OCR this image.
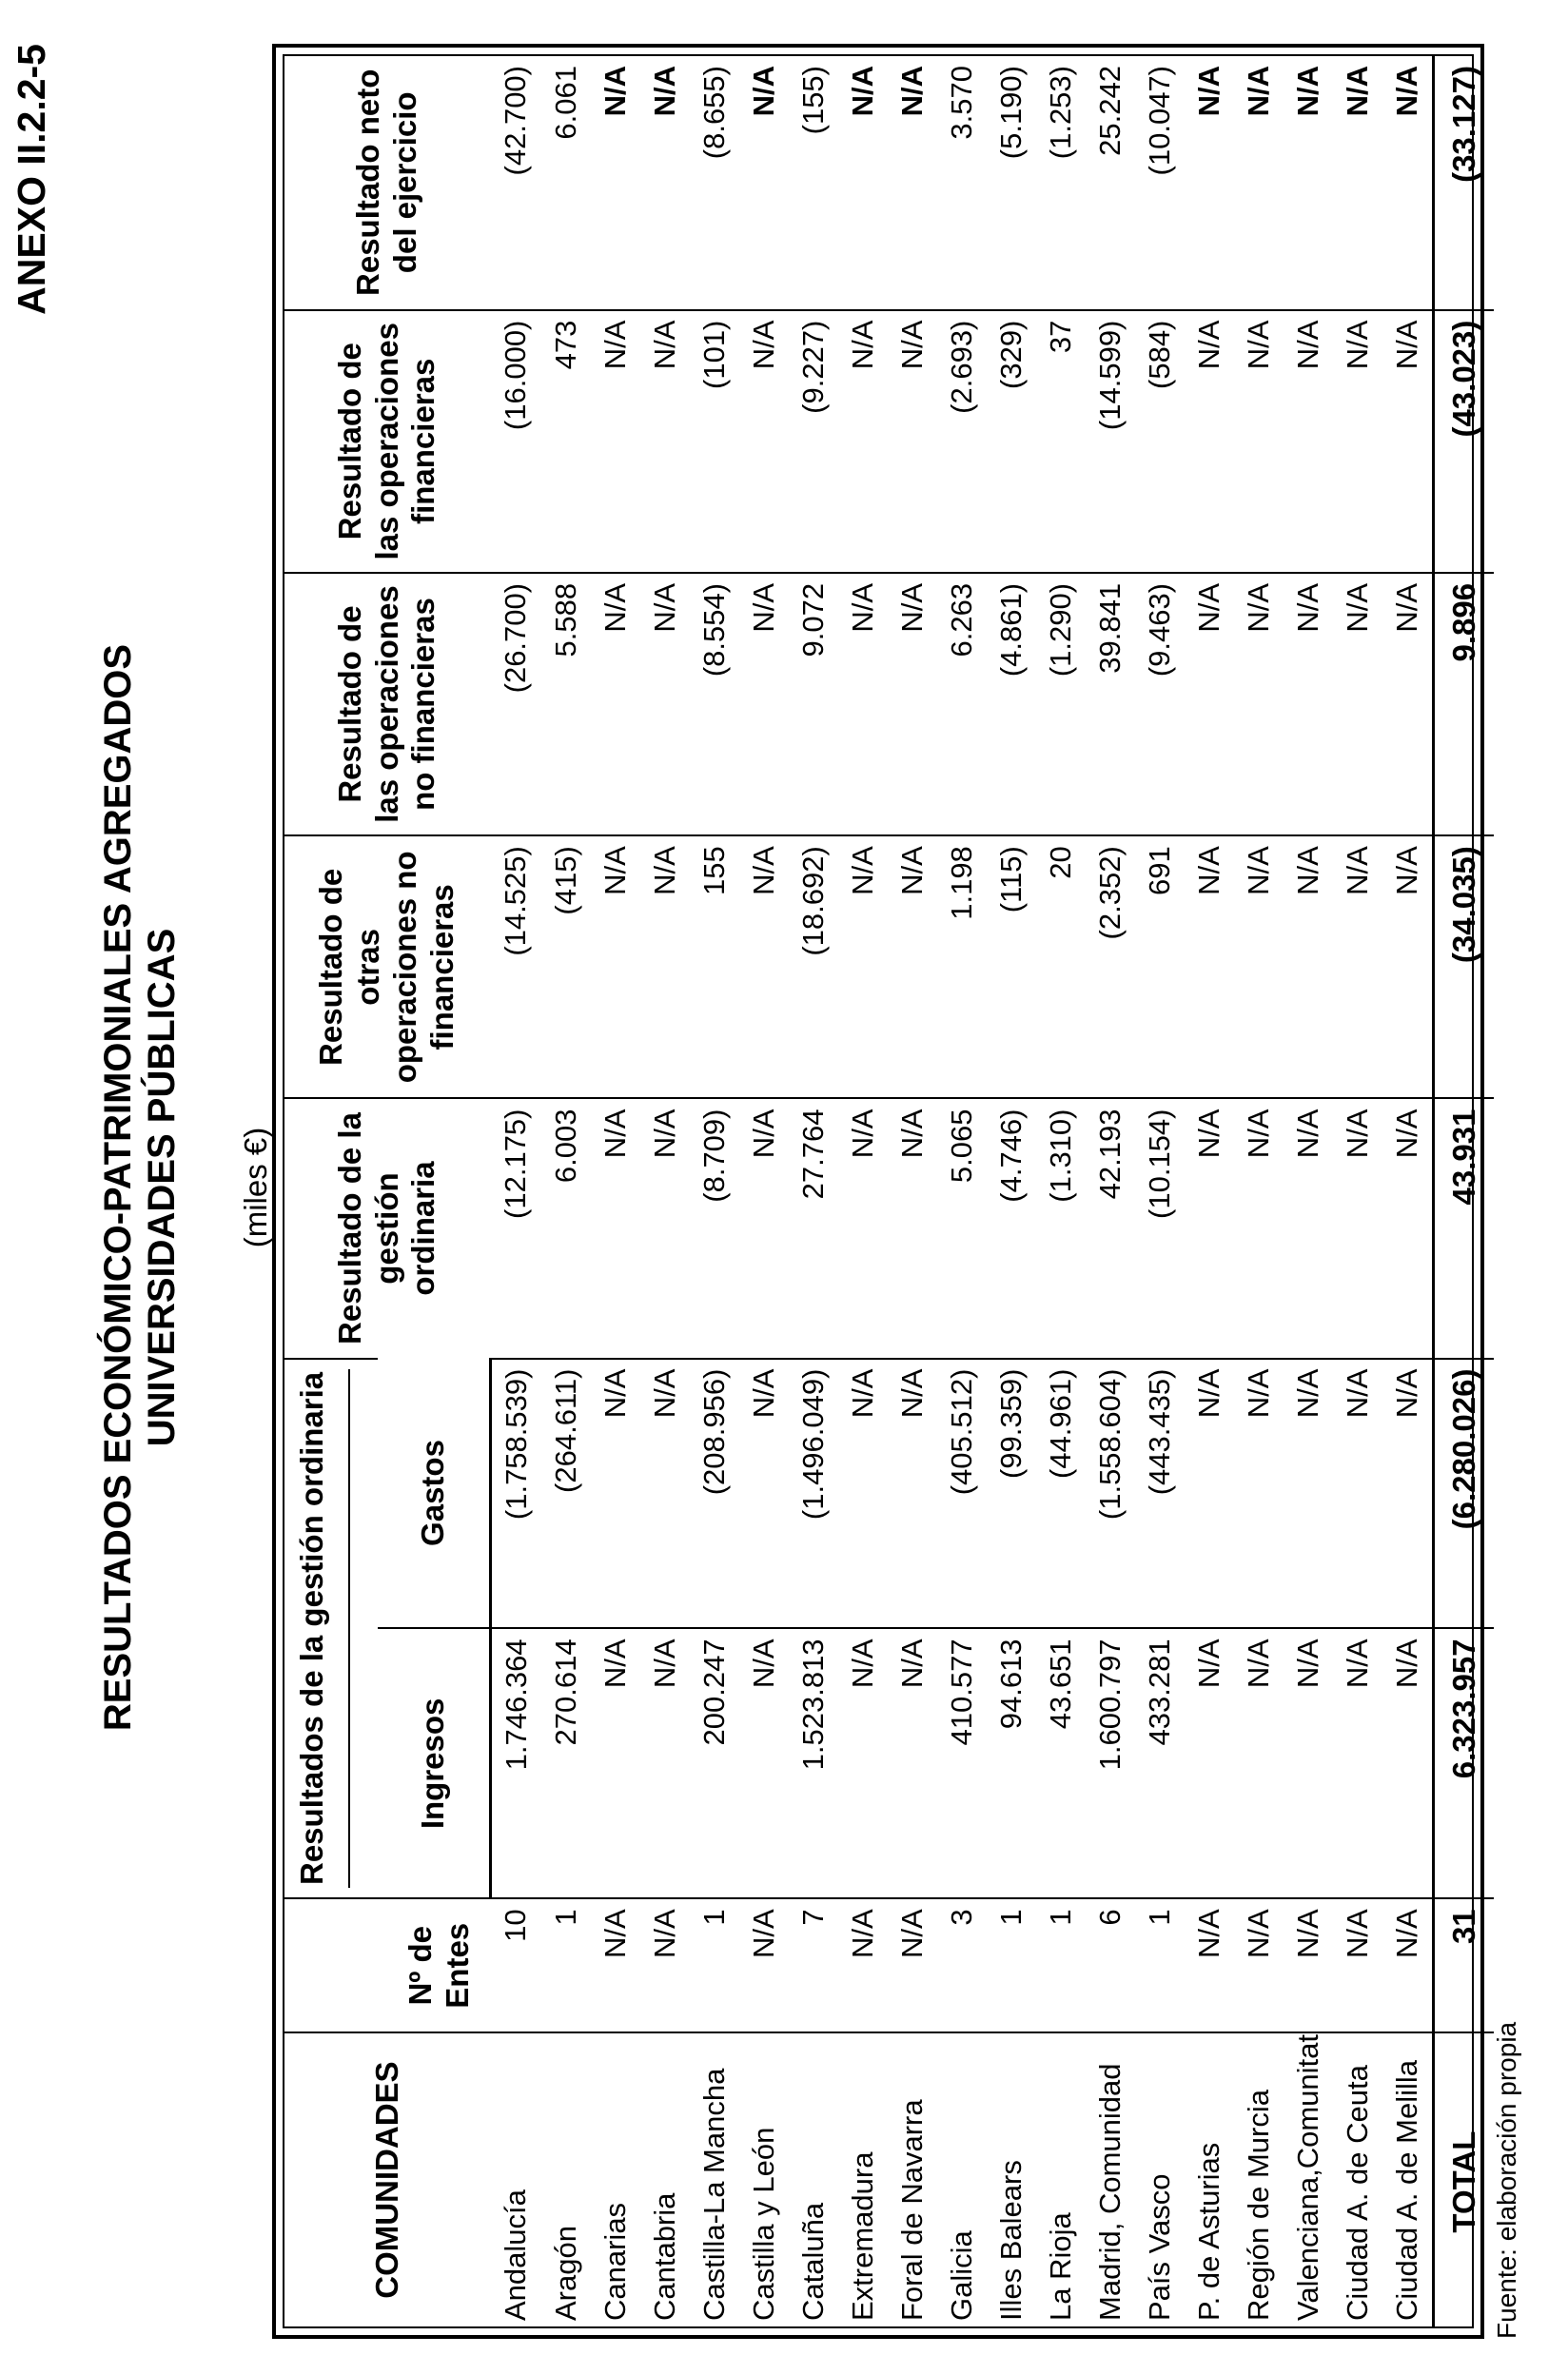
ANEXO II.2.2-5
RESULTADOS ECONÓMICO-PATRIMONIALES AGREGADOS UNIVERSIDADES PÚBLICAS (miles €)
COMUNIDADES	Nº de Entes	Resultados de la gestión ordinaria		Resultado de la gestión ordinaria	Resultado de otras operaciones no financieras	Resultado de las operaciones no financieras	Resultado de las operaciones financieras	Resultado neto del ejercicio
		Ingresos	Gastos					
Andalucía	10	1.746.364	(1.758.539)	(12.175)	(14.525)	(26.700)	(16.000)	(42.700)
Aragón	1	270.614	(264.611)	6.003	(415)	5.588	473	6.061
Canarias	N/A	N/A	N/A	N/A	N/A	N/A	N/A	N/A
Cantabria	N/A	N/A	N/A	N/A	N/A	N/A	N/A	N/A
Castilla-La Mancha	1	200.247	(208.956)	(8.709)	155	(8.554)	(101)	(8.655)
Castilla y León	N/A	N/A	N/A	N/A	N/A	N/A	N/A	N/A
Cataluña	7	1.523.813	(1.496.049)	27.764	(18.692)	9.072	(9.227)	(155)
Extremadura	N/A	N/A	N/A	N/A	N/A	N/A	N/A	N/A
Foral de Navarra	N/A	N/A	N/A	N/A	N/A	N/A	N/A	N/A
Galicia	3	410.577	(405.512)	5.065	1.198	6.263	(2.693)	3.570
Illes Balears	1	94.613	(99.359)	(4.746)	(115)	(4.861)	(329)	(5.190)
La Rioja	1	43.651	(44.961)	(1.310)	20	(1.290)	37	(1.253)
Madrid, Comunidad	6	1.600.797	(1.558.604)	42.193	(2.352)	39.841	(14.599)	25.242
País Vasco	1	433.281	(443.435)	(10.154)	691	(9.463)	(584)	(10.047)
P. de Asturias	N/A	N/A	N/A	N/A	N/A	N/A	N/A	N/A
Región de Murcia	N/A	N/A	N/A	N/A	N/A	N/A	N/A	N/A
Valenciana,Comunitat	N/A	N/A	N/A	N/A	N/A	N/A	N/A	N/A
Ciudad A. de Ceuta	N/A	N/A	N/A	N/A	N/A	N/A	N/A	N/A
Ciudad A. de Melilla	N/A	N/A	N/A	N/A	N/A	N/A	N/A	N/A
TOTAL	31	6.323.957	(6.280.026)	43.931	(34.035)	9.896	(43.023)	(33.127)
Fuente: elaboración propia
